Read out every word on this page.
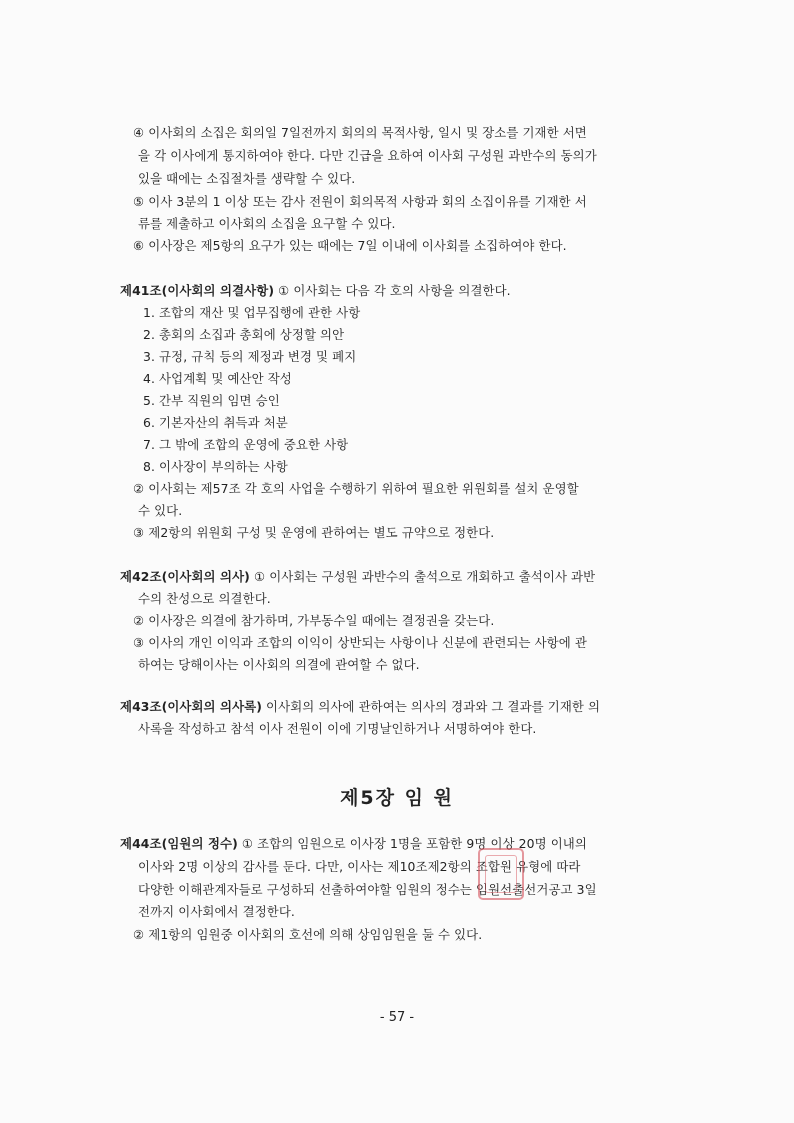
④ 이사회의 소집은 회의일 7일전까지 회의의 목적사항, 일시 및 장소를 기재한 서면
을 각 이사에게 통지하여야 한다. 다만 긴급을 요하여 이사회 구성원 과반수의 동의가
있을 때에는 소집절차를 생략할 수 있다.
⑤ 이사 3분의 1 이상 또는 감사 전원이 회의목적 사항과 회의 소집이유를 기재한 서
류를 제출하고 이사회의 소집을 요구할 수 있다.
⑥ 이사장은 제5항의 요구가 있는 때에는 7일 이내에 이사회를 소집하여야 한다.
제41조(이사회의 의결사항) ① 이사회는 다음 각 호의 사항을 의결한다.
1. 조합의 재산 및 업무집행에 관한 사항
2. 총회의 소집과 총회에 상정할 의안
3. 규정, 규칙 등의 제정과 변경 및 폐지
4. 사업계획 및 예산안 작성
5. 간부 직원의 임면 승인
6. 기본자산의 취득과 처분
7. 그 밖에 조합의 운영에 중요한 사항
8. 이사장이 부의하는 사항
② 이사회는 제57조 각 호의 사업을 수행하기 위하여 필요한 위원회를 설치 운영할
수 있다.
③ 제2항의 위원회 구성 및 운영에 관하여는 별도 규약으로 정한다.
제42조(이사회의 의사) ① 이사회는 구성원 과반수의 출석으로 개회하고 출석이사 과반
수의 찬성으로 의결한다.
② 이사장은 의결에 참가하며, 가부동수일 때에는 결정권을 갖는다.
③ 이사의 개인 이익과 조합의 이익이 상반되는 사항이나 신분에 관련되는 사항에 관
하여는 당해이사는 이사회의 의결에 관여할 수 없다.
제43조(이사회의 의사록) 이사회의 의사에 관하여는 의사의 경과와 그 결과를 기재한 의
사록을 작성하고 참석 이사 전원이 이에 기명날인하거나 서명하여야 한다.
제5장 임 원
제44조(임원의 정수) ① 조합의 임원으로 이사장 1명을 포함한 9명 이상 20명 이내의
이사와 2명 이상의 감사를 둔다. 다만, 이사는 제10조제2항의 조합원 유형에 따라
다양한 이해관계자들로 구성하되 선출하여야할 임원의 정수는 임원선출선거공고 3일
전까지 이사회에서 결정한다.
② 제1항의 임원중 이사회의 호선에 의해 상임임원을 둘 수 있다.
- 57 -
